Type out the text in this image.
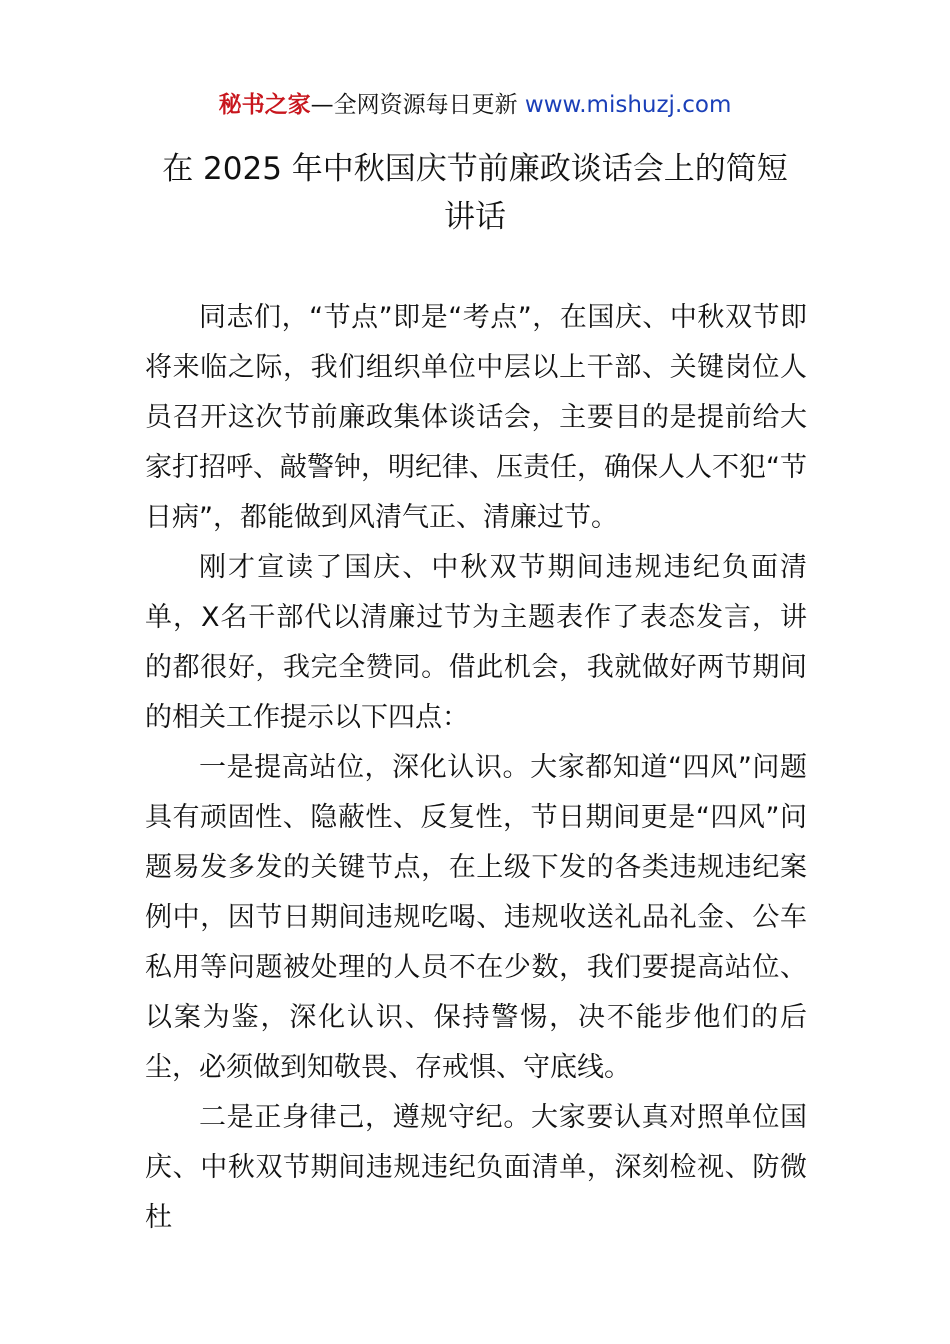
秘书之家—全网资源每日更新 www.mishuzj.com
在 2025 年中秋国庆节前廉政谈话会上的简短
讲话

同志们，“节点”即是“考点”，在国庆、中秋双节即将来临之际，我们组织单位中层以上干部、关键岗位人员召开这次节前廉政集体谈话会，主要目的是提前给大家打招呼、敲警钟，明纪律、压责任，确保人人不犯“节日病”，都能做到风清气正、清廉过节。

刚才宣读了国庆、中秋双节期间违规违纪负面清单，X名干部代以清廉过节为主题表作了表态发言，讲的都很好，我完全赞同。借此机会，我就做好两节期间的相关工作提示以下四点：

一是提高站位，深化认识。大家都知道“四风”问题具有顽固性、隐蔽性、反复性，节日期间更是“四风”问题易发多发的关键节点，在上级下发的各类违规违纪案例中，因节日期间违规吃喝、违规收送礼品礼金、公车私用等问题被处理的人员不在少数，我们要提高站位、以案为鉴，深化认识、保持警惕，决不能步他们的后尘，必须做到知敬畏、存戒惧、守底线。

二是正身律己，遵规守纪。大家要认真对照单位国庆、中秋双节期间违规违纪负面清单，深刻检视、防微杜
